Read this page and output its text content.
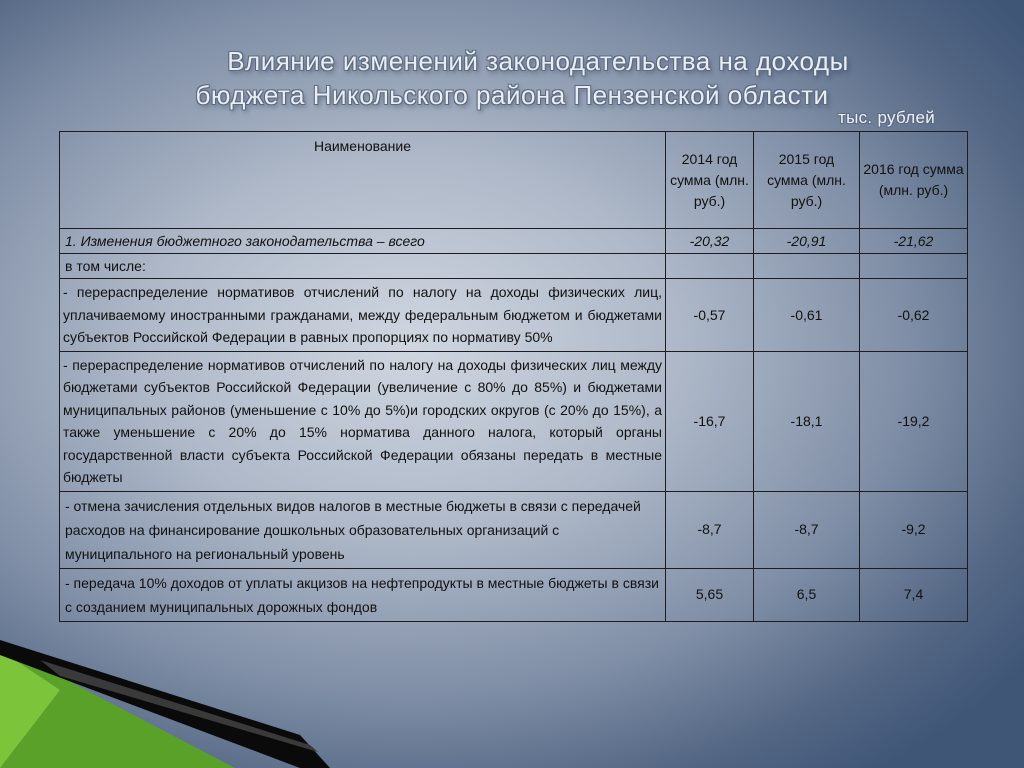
Влияние изменений законодательства на доходы
бюджета Никольского района Пензенской области
тыс. рублей
Наименование	2014 год сумма (млн. руб.)	2015 год сумма (млн. руб.)	2016 год сумма (млн. руб.)
1. Изменения бюджетного законодательства – всего	-20,32	-20,91	-21,62
в том числе:			
- перераспределение нормативов отчислений по налогу на доходы физических лиц, уплачиваемому иностранными гражданами, между федеральным бюджетом и бюджетами субъектов Российской Федерации в равных пропорциях по нормативу 50%	-0,57	-0,61	-0,62
- перераспределение нормативов отчислений по налогу на доходы физических лиц между бюджетами субъектов Российской Федерации (увеличение с 80% до 85%) и бюджетами муниципальных районов (уменьшение с 10% до 5%)и городских округов (с 20% до 15%), а также уменьшение с 20% до 15% норматива данного налога, который органы государственной власти субъекта Российской Федерации обязаны передать в местные бюджеты	-16,7	-18,1	-19,2
- отмена зачисления отдельных видов налогов в местные бюджеты в связи с передачей расходов на финансирование дошкольных образовательных организаций с муниципального на региональный уровень	-8,7	-8,7	-9,2
- передача 10% доходов от уплаты акцизов на нефтепродукты в местные бюджеты в связи с созданием муниципальных дорожных фондов	5,65	6,5	7,4
